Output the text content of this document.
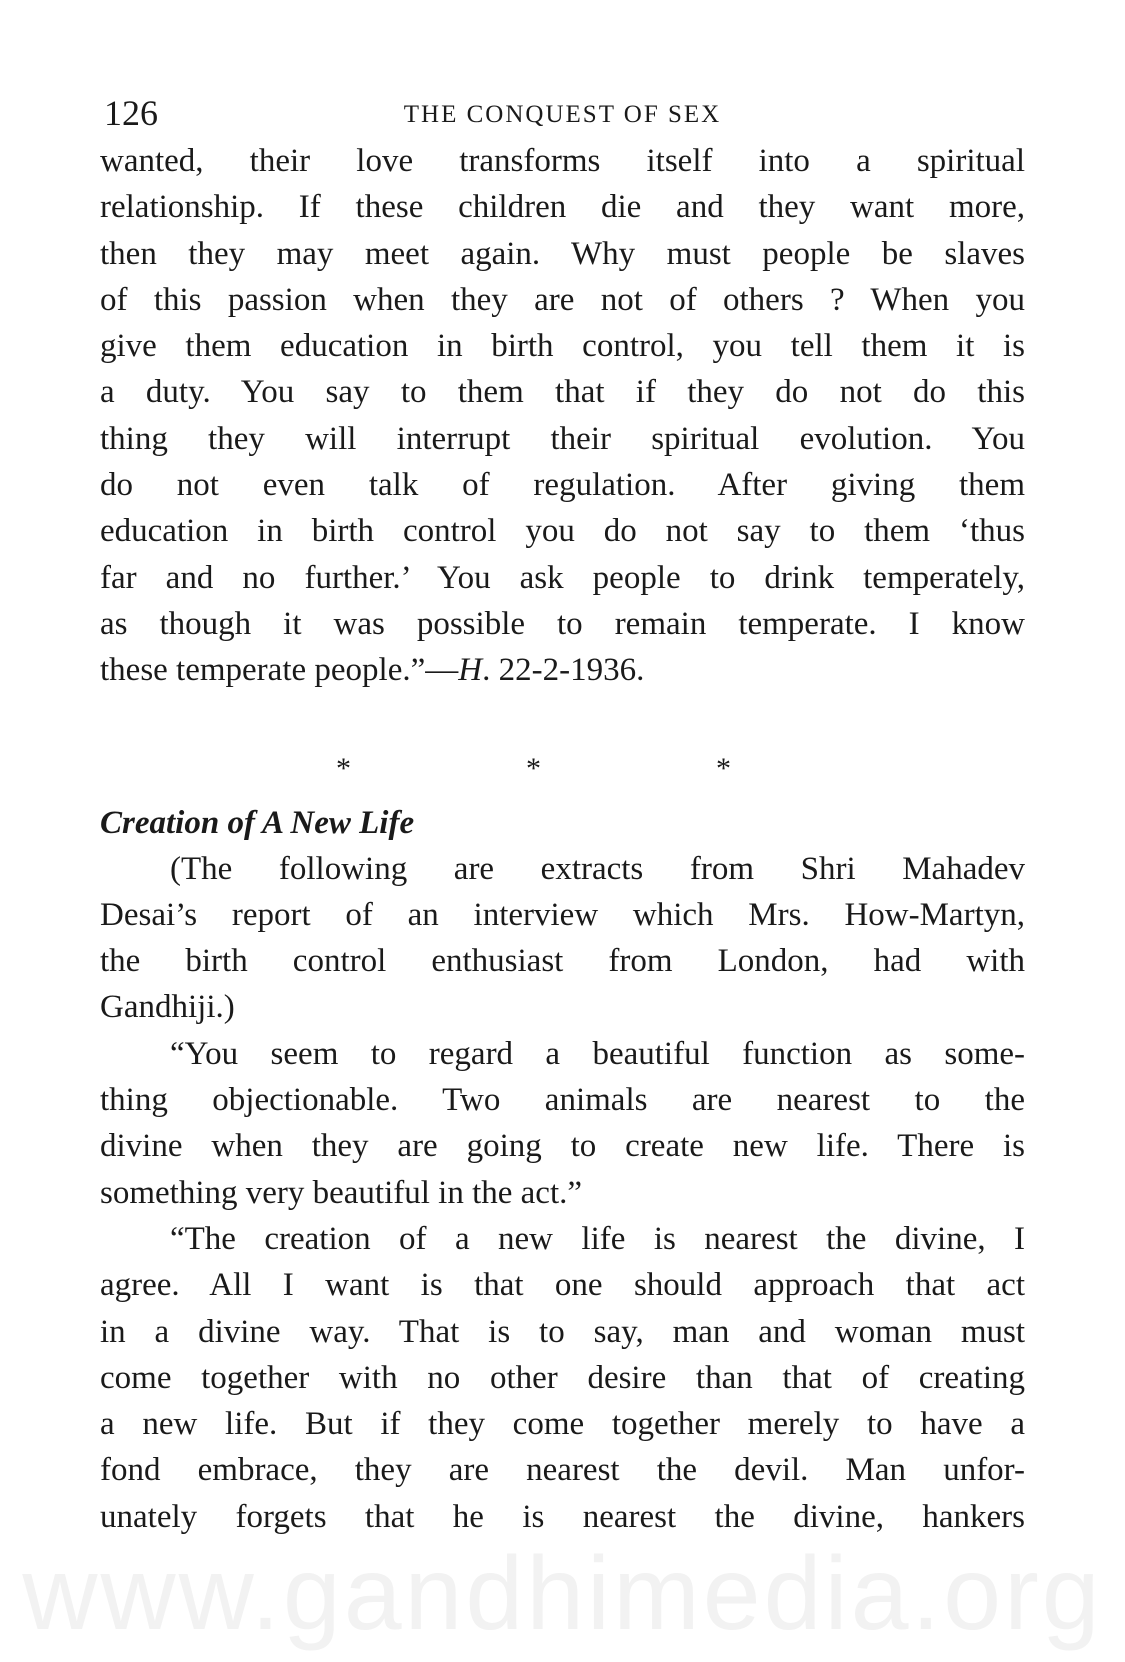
126	THE CONQUEST OF SEX
wanted, their love transforms itself into a spiritual
relationship. If these children die and they want more,
then they may meet again. Why must people be slaves
of this passion when they are not of others ? When you
give them education in birth control, you tell them it is
a duty. You say to them that if they do not do this
thing they will interrupt their spiritual evolution. You
do not even talk of regulation. After giving them
education in birth control you do not say to them ‘thus
far and no further.’ You ask people to drink temperately,
as though it was possible to remain temperate. I know
these temperate people.”—H. 22-2-1936.
*	*	*
Creation of A New Life
(The following are extracts from Shri Mahadev
Desai’s report of an interview which Mrs. How-Martyn,
the birth control enthusiast from London, had with
Gandhiji.)
“You seem to regard a beautiful function as some-
thing objectionable. Two animals are nearest to the
divine when they are going to create new life. There is
something very beautiful in the act.”
“The creation of a new life is nearest the divine, I
agree. All I want is that one should approach that act
in a divine way. That is to say, man and woman must
come together with no other desire than that of creating
a new life. But if they come together merely to have a
fond embrace, they are nearest the devil. Man unfor-
unately forgets that he is nearest the divine, hankers
www.gandhimedia.org
